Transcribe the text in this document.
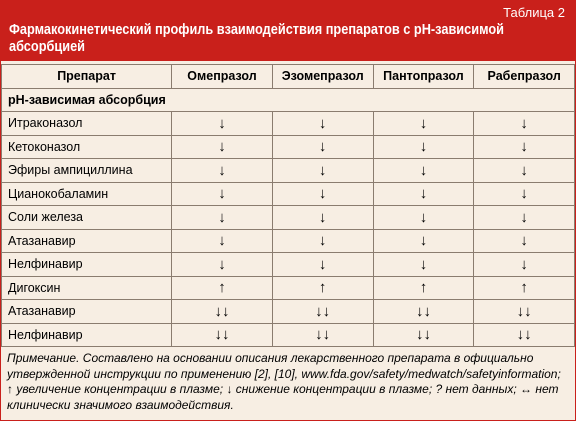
Таблица 2
Фармакокинетический профиль взаимодействия препаратов с pH-зависимой
абсорбцией
Препарат	Омепразол	Эзомепразол	Пантопразол	Рабепразол
pH-зависимая абсорбция				
Итраконазол	↓	↓	↓	↓
Кетоконазол	↓	↓	↓	↓
Эфиры ампициллина	↓	↓	↓	↓
Цианокобаламин	↓	↓	↓	↓
Соли железа	↓	↓	↓	↓
Атазанавир	↓	↓	↓	↓
Нелфинавир	↓	↓	↓	↓
Дигоксин	↑	↑	↑	↑
Атазанавир	↓↓	↓↓	↓↓	↓↓
Нелфинавир	↓↓	↓↓	↓↓	↓↓
Примечание. Составлено на основании описания лекарственного препарата в официально
утвержденной инструкции по применению [2], [10], www.fda.gov/safety/medwatch/safetyinformation;
↑ увеличение концентрации в плазме; ↓ снижение концентрации в плазме; ? нет данных; ↔ нет
клинически значимого взаимодействия.
